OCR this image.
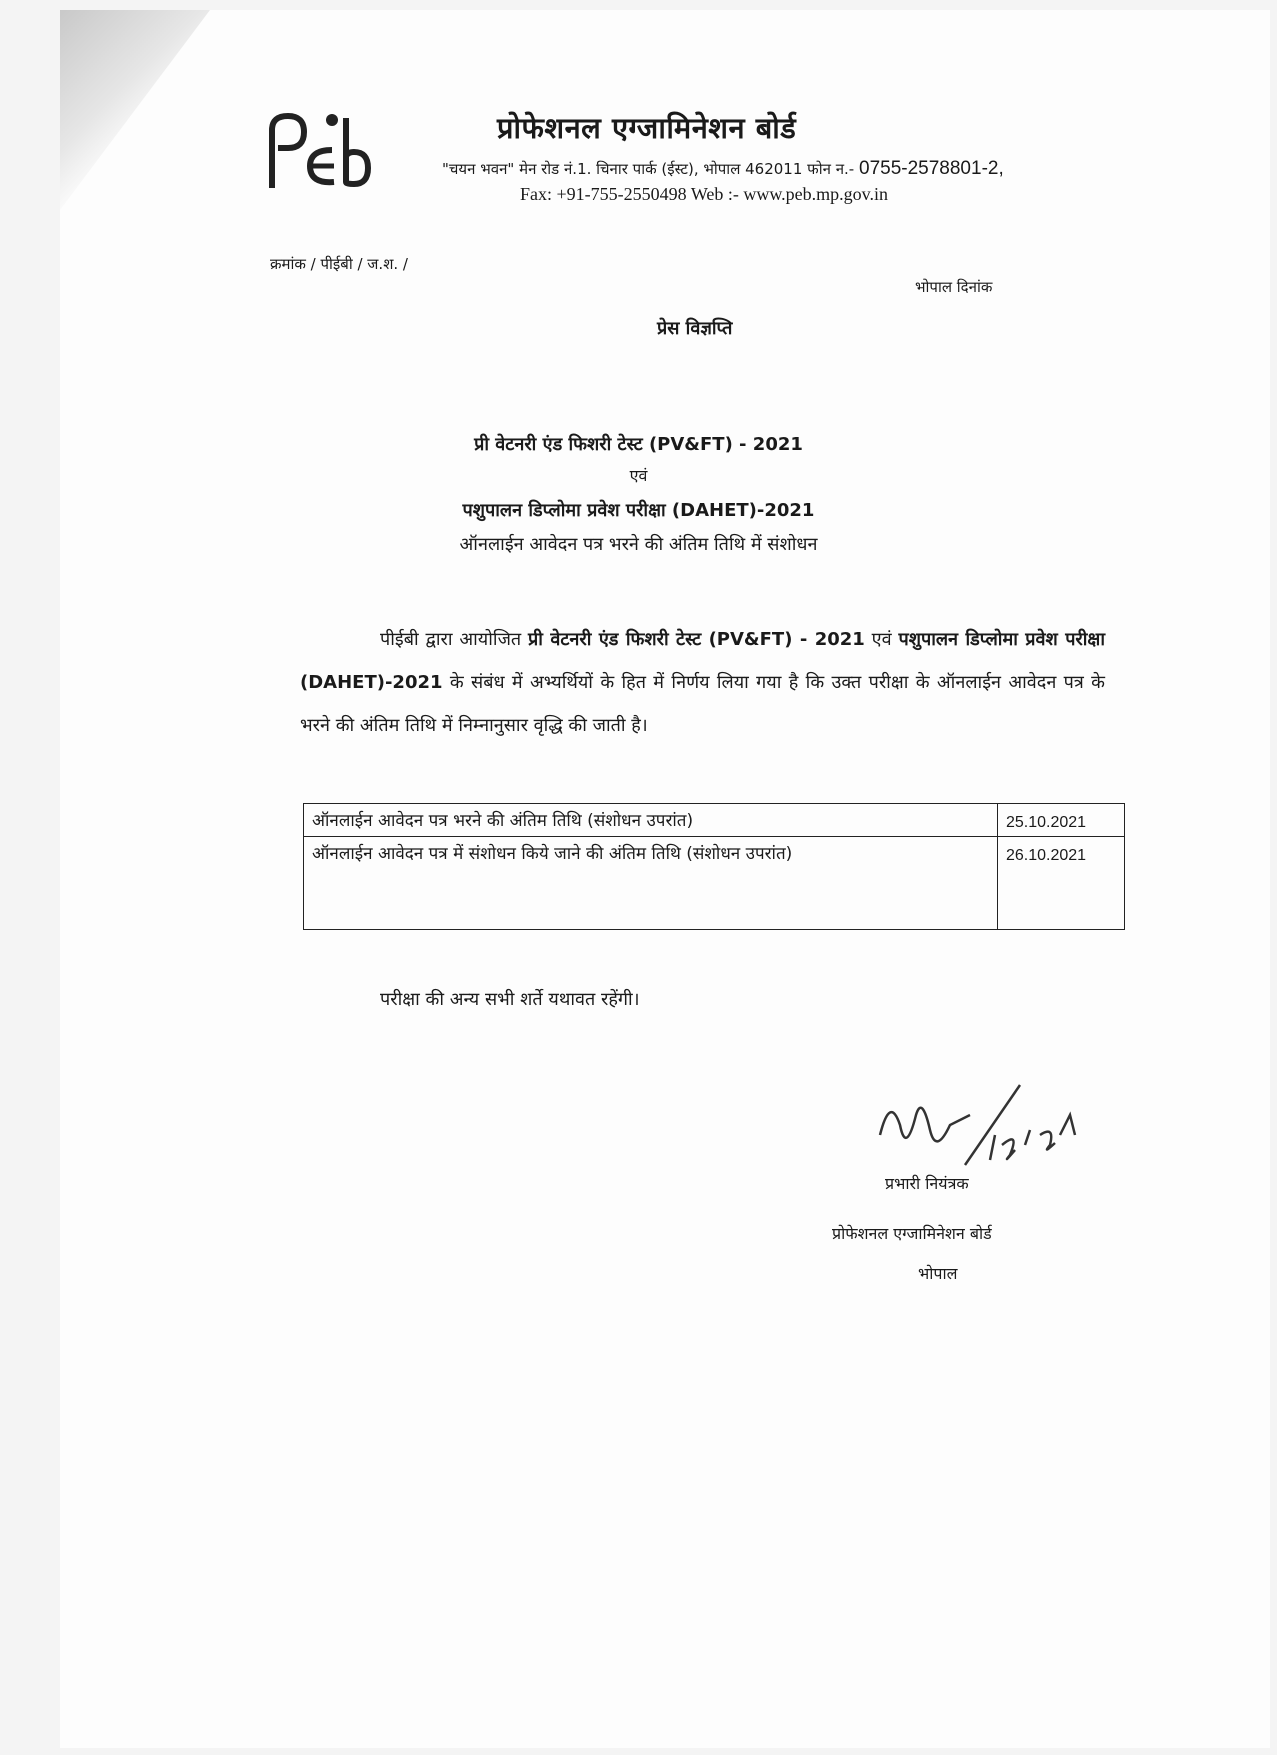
प्रोफेशनल एग्जामिनेशन बोर्ड
"चयन भवन" मेन रोड नं.1. चिनार पार्क (ईस्ट), भोपाल 462011 फोन न.- 0755-2578801-2,
Fax: +91-755-2550498 Web :- www.peb.mp.gov.in
क्रमांक / पीईबी / ज.श. /
भोपाल दिनांक
प्रेस विज्ञप्ति
प्री वेटनरी एंड फिशरी टेस्ट (PV&FT) - 2021
एवं
पशुपालन डिप्लोमा प्रवेश परीक्षा (DAHET)-2021
ऑनलाईन आवेदन पत्र भरने की अंतिम तिथि में संशोधन
पीईबी द्वारा आयोजित प्री वेटनरी एंड फिशरी टेस्ट (PV&FT) - 2021 एवं पशुपालन डिप्लोमा प्रवेश परीक्षा (DAHET)-2021 के संबंध में अभ्यर्थियों के हित में निर्णय लिया गया है कि उक्त परीक्षा के ऑनलाईन आवेदन पत्र के भरने की अंतिम तिथि में निम्नानुसार वृद्धि की जाती है।
ऑनलाईन आवेदन पत्र भरने की अंतिम तिथि (संशोधन उपरांत)	25.10.2021
ऑनलाईन आवेदन पत्र में संशोधन किये जाने की अंतिम तिथि (संशोधन उपरांत)	26.10.2021
परीक्षा की अन्य सभी शर्ते यथावत रहेंगी।
प्रभारी नियंत्रक
प्रोफेशनल एग्जामिनेशन बोर्ड
भोपाल
